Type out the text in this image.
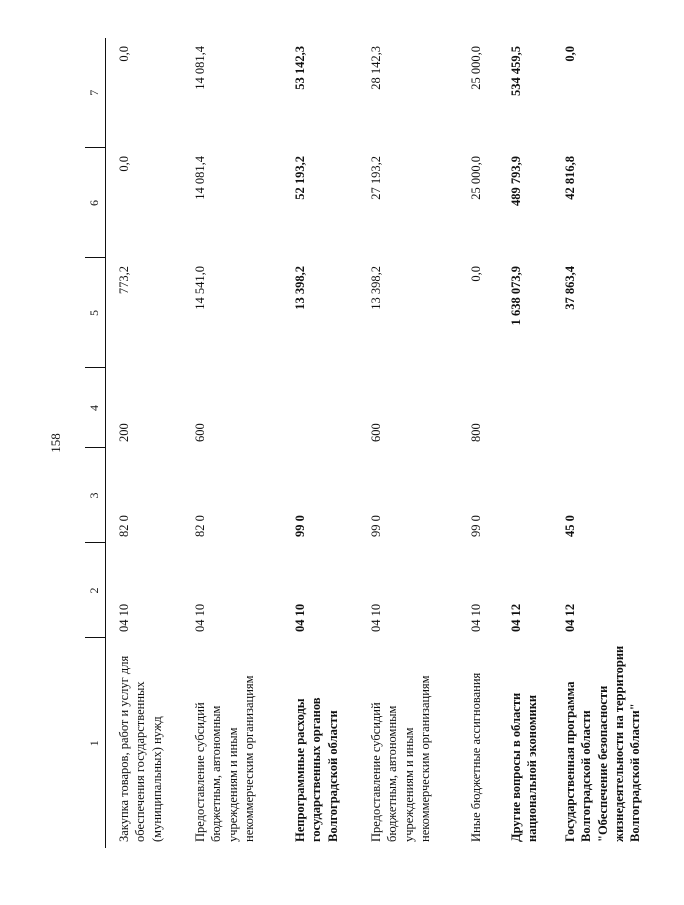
158
1	2	3	4	5	6	7
Закупка товаров, работ и услуг для обеспечения государственных (муниципальных) нужд	04 10	82 0	200	773,2	0,0	0,0
Предоставление субсидий бюджетным, автономным учреждениям и иным некоммерческим организациям	04 10	82 0	600	14 541,0	14 081,4	14 081,4
Непрограммные расходы государственных органов Волгоградской области	04 10	99 0		13 398,2	52 193,2	53 142,3
Предоставление субсидий бюджетным, автономным учреждениям и иным некоммерческим организациям	04 10	99 0	600	13 398,2	27 193,2	28 142,3
Иные бюджетные ассигнования	04 10	99 0	800	0,0	25 000,0	25 000,0
Другие вопросы в области национальной экономики	04 12			1 638 073,9	489 793,9	534 459,5
Государственная программа Волгоградской области "Обеспечение безопасности жизнедеятельности на территории Волгоградской области"	04 12	45 0		37 863,4	42 816,8	0,0
